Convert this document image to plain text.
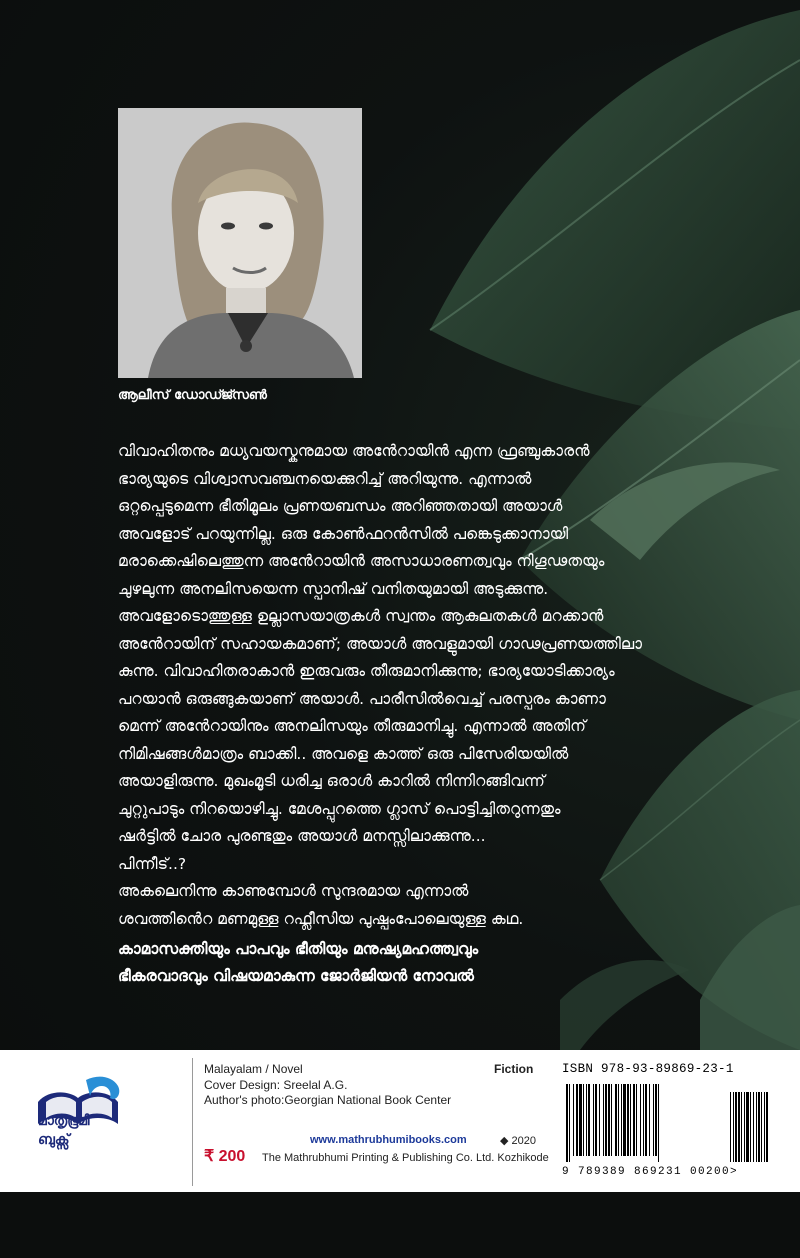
ആലീസ് ഡോഡ്ജ്സൺ

വിവാഹിതനും മധ്യവയസ്കനുമായ അൻേറായിൻ എന്ന ഫ്രഞ്ചുകാരൻ

ഭാര്യയുടെ വിശ്വാസവഞ്ചനയെക്കുറിച്ച് അറിയുന്നു. എന്നാൽ

ഒറ്റപ്പെടുമെന്ന ഭീതിമൂലം പ്രണയബന്ധം അറിഞ്ഞതായി അയാൾ

അവളോട് പറയുന്നില്ല. ഒരു കോൺഫറൻസിൽ പങ്കെടുക്കാനായി

മരാക്കെഷിലെത്തുന്ന അൻേറായിൻ അസാധാരണത്വവും നിഗൂഢതയും

ചുഴലുന്ന അനലിസയെന്ന സ്പാനിഷ് വനിതയുമായി അടുക്കുന്നു.

അവളോടൊത്തുള്ള ഉല്ലാസയാത്രകൾ സ്വന്തം ആകുലതകൾ മറക്കാൻ

അൻേറായിന് സഹായകമാണ്; അയാൾ അവളുമായി ഗാഢപ്രണയത്തിലാ

കുന്നു. വിവാഹിതരാകാൻ ഇരുവരും തീരുമാനിക്കുന്നു; ഭാര്യയോടിക്കാര്യം

പറയാൻ ഒരുങ്ങുകയാണ് അയാൾ. പാരീസിൽവെച്ച് പരസ്പരം കാണാ

മെന്ന് അൻേറായിനും അനലിസയും തീരുമാനിച്ചു. എന്നാൽ അതിന്

നിമിഷങ്ങൾമാത്രം ബാക്കി.. അവളെ കാത്ത് ഒരു പിസേരിയയിൽ

അയാളിരുന്നു. മുഖംമൂടി ധരിച്ച ഒരാൾ കാറിൽ നിന്നിറങ്ങിവന്ന്

ചുറ്റുപാടും നിറയൊഴിച്ചു. മേശപ്പുറത്തെ ഗ്ലാസ് പൊട്ടിച്ചിതറുന്നതും

ഷർട്ടിൽ ചോര പുരണ്ടതും അയാൾ മനസ്സിലാക്കുന്നു...

പിന്നീട്..?

അകലെനിന്നു കാണുമ്പോൾ സുന്ദരമായ എന്നാൽ

ശവത്തിൻെറ മണമുള്ള റഫ്ലീസിയ പുഷ്പംപോലെയുള്ള കഥ.

കാമാസക്തിയും പാപവും ഭീതിയും മനുഷ്യമഹത്ത്വവും

ഭീകരവാദവും വിഷയമാകുന്ന ജോർജിയൻ നോവൽ

മാതൃഭൂമി
ബുക്സ്
Malayalam / Novel
Cover Design: Sreelal A.G.
Author's photo:Georgian National Book Center
Fiction
₹ 200
www.mathrubhumibooks.com	◆ 2020
The Mathrubhumi Printing & Publishing Co. Ltd. Kozhikode
ISBN 978-93-89869-23-1
9 789389 869231 00200>
